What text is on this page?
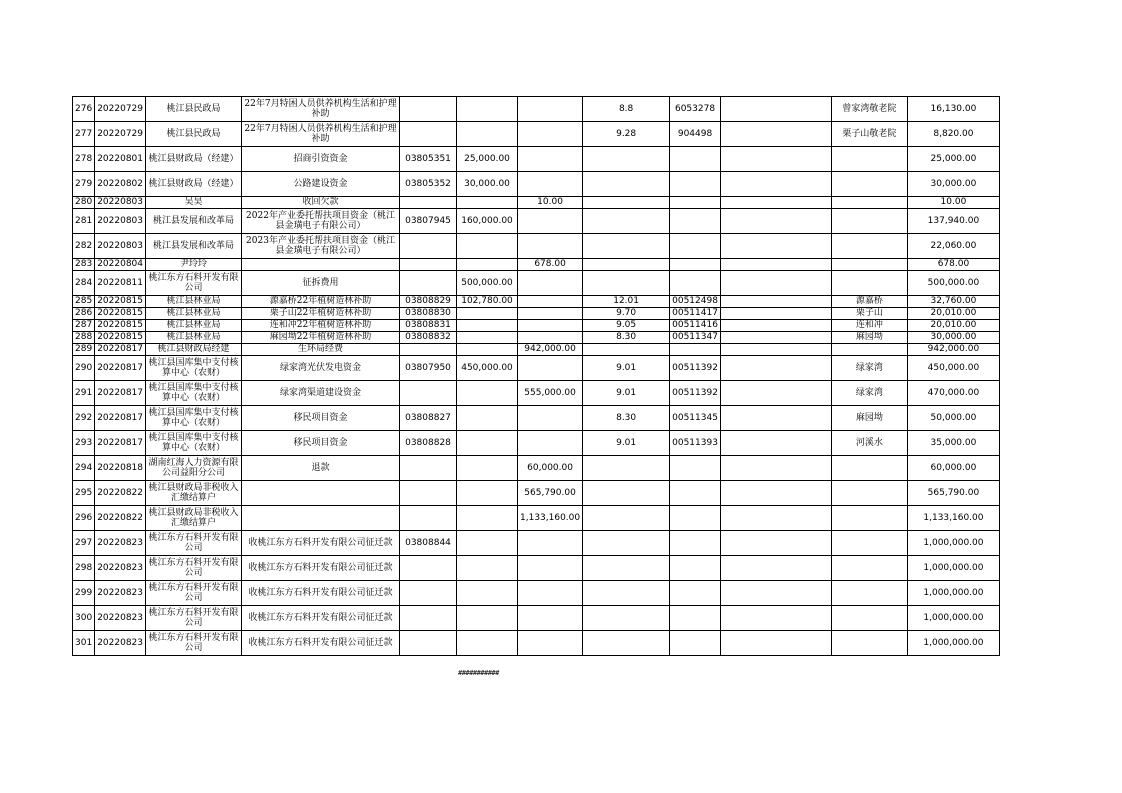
276	20220729	桃江县民政局	22年7月特困人员供养机构生活和护理补助				8.8	6053278		曾家湾敬老院	16,130.00
277	20220729	桃江县民政局	22年7月特困人员供养机构生活和护理补助				9.28	904498		栗子山敬老院	8,820.00
278	20220801	桃江县财政局（经建）	招商引资资金	03805351	25,000.00						25,000.00
279	20220802	桃江县财政局（经建）	公路建设资金	03805352	30,000.00						30,000.00
280	20220803	吴昊	收回欠款			10.00					10.00
281	20220803	桃江县发展和改革局	2022年产业委托帮扶项目资金（桃江县金璜电子有限公司）	03807945	160,000.00						137,940.00
282	20220803	桃江县发展和改革局	2023年产业委托帮扶项目资金（桃江县金璜电子有限公司）								22,060.00
283	20220804	尹玲玲				678.00					678.00
284	20220811	桃江东方石料开发有限公司	征拆费用		500,000.00						500,000.00
285	20220815	桃江县林业局	源嘉桥22年植树造林补助	03808829	102,780.00		12.01	00512498		源嘉桥	32,760.00
286	20220815	桃江县林业局	栗子山22年植树造林补助	03808830			9.70	00511417		栗子山	20,010.00
287	20220815	桃江县林业局	连和冲22年植树造林补助	03808831			9.05	00511416		连和冲	20,010.00
288	20220815	桃江县林业局	麻园坳22年植树造林补助	03808832			8.30	00511347		麻园坳	30,000.00
289	20220817	桃江县财政局经建	生环局经费			942,000.00					942,000.00
290	20220817	桃江县国库集中支付核算中心（农财）	绿家湾光伏发电资金	03807950	450,000.00		9.01	00511392		绿家湾	450,000.00
291	20220817	桃江县国库集中支付核算中心（农财）	绿家湾渠道建设资金			555,000.00	9.01	00511392		绿家湾	470,000.00
292	20220817	桃江县国库集中支付核算中心（农财）	移民项目资金	03808827			8.30	00511345		麻园坳	50,000.00
293	20220817	桃江县国库集中支付核算中心（农财）	移民项目资金	03808828			9.01	00511393		河溪水	35,000.00
294	20220818	湖南红海人力资源有限公司益阳分公司	退款			60,000.00					60,000.00
295	20220822	桃江县财政局非税收入汇缴结算户				565,790.00					565,790.00
296	20220822	桃江县财政局非税收入汇缴结算户				1,133,160.00					1,133,160.00
297	20220823	桃江东方石料开发有限公司	收桃江东方石料开发有限公司征迁款	03808844							1,000,000.00
298	20220823	桃江东方石料开发有限公司	收桃江东方石料开发有限公司征迁款								1,000,000.00
299	20220823	桃江东方石料开发有限公司	收桃江东方石料开发有限公司征迁款								1,000,000.00
300	20220823	桃江东方石料开发有限公司	收桃江东方石料开发有限公司征迁款								1,000,000.00
301	20220823	桃江东方石料开发有限公司	收桃江东方石料开发有限公司征迁款								1,000,000.00
###########
